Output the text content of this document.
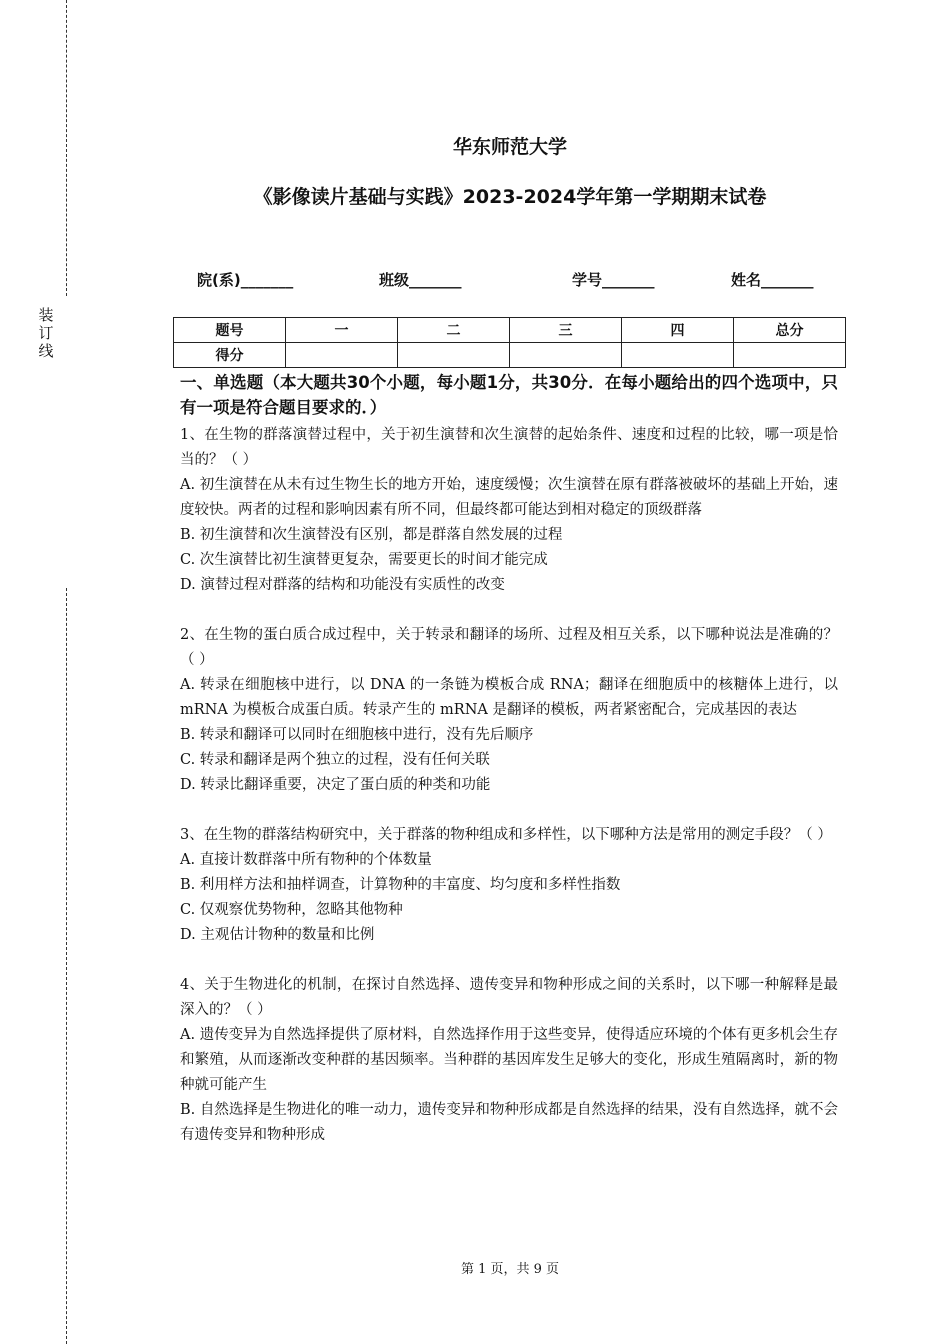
装
订
线
华东师范大学
《影像读片基础与实践》2023-2024学年第一学期期末试卷
院(系)_______	班级_______	学号_______	姓名_______
题号	一	二	三	四	总分
得分					
一、单选题（本大题共30个小题，每小题1分，共30分．在每小题给出的四个选项中，只有一项是符合题目要求的．）

1、在生物的群落演替过程中，关于初生演替和次生演替的起始条件、速度和过程的比较，哪一项是恰当的？（ ）

A. 初生演替在从未有过生物生长的地方开始，速度缓慢；次生演替在原有群落被破坏的基础上开始，速度较快。两者的过程和影响因素有所不同，但最终都可能达到相对稳定的顶级群落

B. 初生演替和次生演替没有区别，都是群落自然发展的过程

C. 次生演替比初生演替更复杂，需要更长的时间才能完成

D. 演替过程对群落的结构和功能没有实质性的改变

2、在生物的蛋白质合成过程中，关于转录和翻译的场所、过程及相互关系，以下哪种说法是准确的？（ ）

A. 转录在细胞核中进行，以 DNA 的一条链为模板合成 RNA；翻译在细胞质中的核糖体上进行，以 mRNA 为模板合成蛋白质。转录产生的 mRNA 是翻译的模板，两者紧密配合，完成基因的表达

B. 转录和翻译可以同时在细胞核中进行，没有先后顺序

C. 转录和翻译是两个独立的过程，没有任何关联

D. 转录比翻译重要，决定了蛋白质的种类和功能

3、在生物的群落结构研究中，关于群落的物种组成和多样性，以下哪种方法是常用的测定手段？（ ）

A. 直接计数群落中所有物种的个体数量

B. 利用样方法和抽样调查，计算物种的丰富度、均匀度和多样性指数

C. 仅观察优势物种，忽略其他物种

D. 主观估计物种的数量和比例

4、关于生物进化的机制，在探讨自然选择、遗传变异和物种形成之间的关系时，以下哪一种解释是最深入的？（ ）

A. 遗传变异为自然选择提供了原材料，自然选择作用于这些变异，使得适应环境的个体有更多机会生存和繁殖，从而逐渐改变种群的基因频率。当种群的基因库发生足够大的变化，形成生殖隔离时，新的物种就可能产生

B. 自然选择是生物进化的唯一动力，遗传变异和物种形成都是自然选择的结果，没有自然选择，就不会有遗传变异和物种形成

第 1 页，共 9 页
